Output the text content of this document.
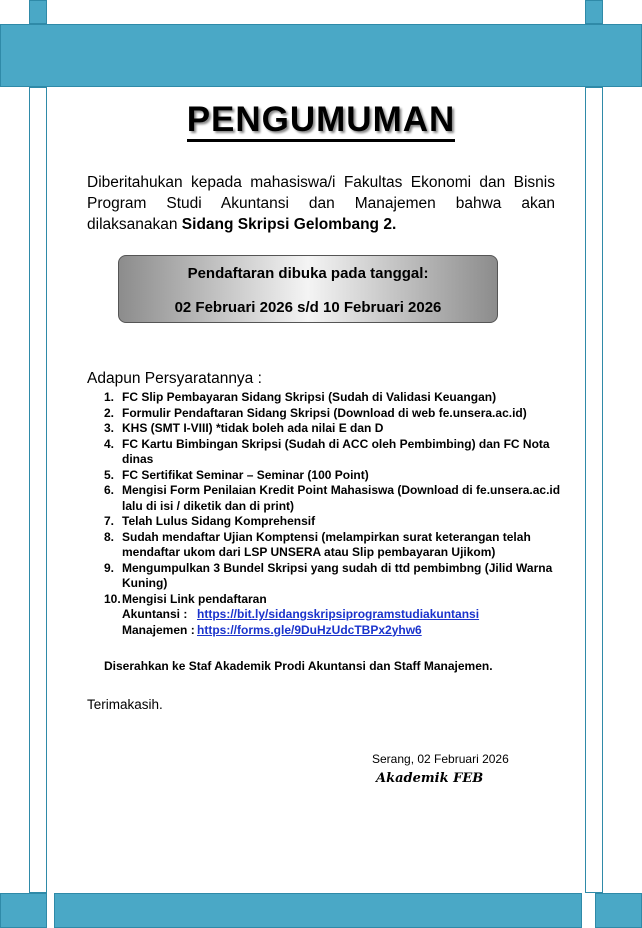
PENGUMUMAN
Diberitahukan kepada mahasiswa/i Fakultas Ekonomi dan Bisnis Program Studi Akuntansi dan Manajemen bahwa akan dilaksanakan Sidang Skripsi Gelombang 2.
Pendaftaran dibuka pada tanggal:
02 Februari 2026 s/d 10 Februari 2026
Adapun Persyaratannya :
1. FC Slip Pembayaran Sidang Skripsi (Sudah di Validasi Keuangan)
2. Formulir Pendaftaran Sidang Skripsi (Download di web fe.unsera.ac.id)
3. KHS (SMT I-VIII) *tidak boleh ada nilai E dan D
4. FC Kartu Bimbingan Skripsi (Sudah di ACC oleh Pembimbing) dan FC Nota dinas
5. FC Sertifikat Seminar – Seminar (100 Point)
6. Mengisi Form Penilaian Kredit Point Mahasiswa (Download di fe.unsera.ac.id lalu di isi / diketik dan di print)
7. Telah Lulus Sidang Komprehensif
8. Sudah mendaftar Ujian Komptensi (melampirkan surat keterangan telah mendaftar ukom dari LSP UNSERA atau Slip pembayaran Ujikom)
9. Mengumpulkan 3 Bundel Skripsi yang sudah di ttd pembimbng (Jilid Warna Kuning)
10. Mengisi Link pendaftaran
Akuntansi :https://bit.ly/sidangskripsiprogramstudiakuntansi
Manajemen :https://forms.gle/9DuHzUdcTBPx2yhw6
Diserahkan ke Staf Akademik Prodi Akuntansi dan Staff Manajemen.
Terimakasih.
Serang, 02 Februari 2026
Akademik FEB
